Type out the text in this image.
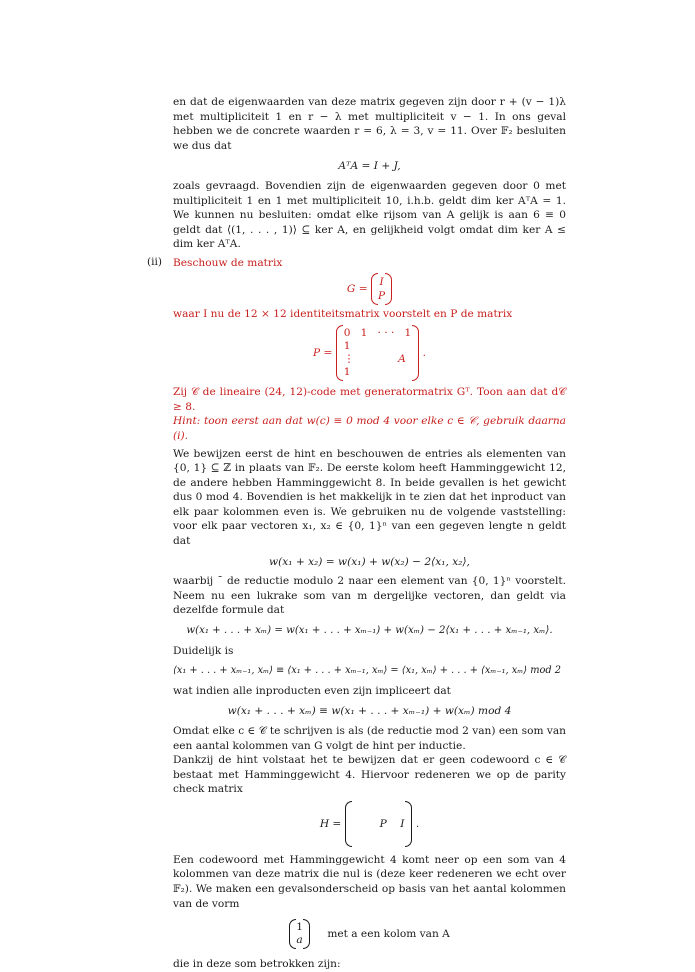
en dat de eigenwaarden van deze matrix gegeven zijn door r + (v − 1)λ met multipliciteit 1 en r − λ met multipliciteit v − 1. In ons geval hebben we de concrete waarden r = 6, λ = 3, v = 11. Over 𝔽₂ besluiten we dus dat

AᵀA = I + J,

zoals gevraagd. Bovendien zijn de eigenwaarden gegeven door 0 met multipliciteit 1 en 1 met multipliciteit 10, i.h.b. geldt dim ker AᵀA = 1. We kunnen nu besluiten: omdat elke rijsom van A gelijk is aan 6 ≡ 0 geldt dat ⟨(1, . . . , 1)⟩ ⊆ ker A, en gelijkheid volgt omdat dim ker A ≤ dim ker AᵀA.

Beschouw de matrix

G =
I
P

waar I nu de 12 × 12 identiteitsmatrix voorstelt en P de matrix

P =
0 1 · · · 1
1
⋮	A
1
.

Zij 𝒞 de lineaire (24, 12)-code met generatormatrix Gᵀ. Toon aan dat d𝒞 ≥ 8.

Hint: toon eerst aan dat w(c) ≡ 0 mod 4 voor elke c ∈ 𝒞, gebruik daarna (i).

We bewijzen eerst de hint en beschouwen de entries als elementen van {0, 1} ⊆ ℤ in plaats van 𝔽₂. De eerste kolom heeft Hamminggewicht 12, de andere hebben Hamminggewicht 8. In beide gevallen is het gewicht dus 0 mod 4. Bovendien is het makkelijk in te zien dat het inproduct van elk paar kolommen even is. We gebruiken nu de volgende vaststelling: voor elk paar vectoren x₁, x₂ ∈ {0, 1}ⁿ van een gegeven lengte n geldt dat

w(x₁ + x₂) = w(x₁) + w(x₂) − 2⟨x₁, x₂⟩,

waarbij ¯ de reductie modulo 2 naar een element van {0, 1}ⁿ voorstelt. Neem nu een lukrake som van m dergelijke vectoren, dan geldt via dezelfde formule dat

w(x₁ + . . . + xₘ) = w(x₁ + . . . + xₘ₋₁) + w(xₘ) − 2⟨x₁ + . . . + xₘ₋₁, xₘ⟩.

Duidelijk is

⟨x₁ + . . . + xₘ₋₁, xₘ⟩ ≡ ⟨x₁ + . . . + xₘ₋₁, xₘ⟩ = ⟨x₁, xₘ⟩ + . . . + ⟨xₘ₋₁, xₘ⟩ mod 2

wat indien alle inproducten even zijn impliceert dat

w(x₁ + . . . + xₘ) ≡ w(x₁ + . . . + xₘ₋₁) + w(xₘ) mod 4

Omdat elke c ∈ 𝒞 te schrijven is als (de reductie mod 2 van) een som van een aantal kolommen van G volgt de hint per inductie.

Dankzij de hint volstaat het te bewijzen dat er geen codewoord c ∈ 𝒞 bestaat met Hamminggewicht 4. Hiervoor redeneren we op de parity check matrix

H =
	P I .

Een codewoord met Hamminggewicht 4 komt neer op een som van 4 kolommen van deze matrix die nul is (deze keer redeneren we echt over 𝔽₂). We maken een gevalsonderscheid op basis van het aantal kolommen van de vorm

1
a met a een kolom van A

die in deze som betrokken zijn:

(ii)
